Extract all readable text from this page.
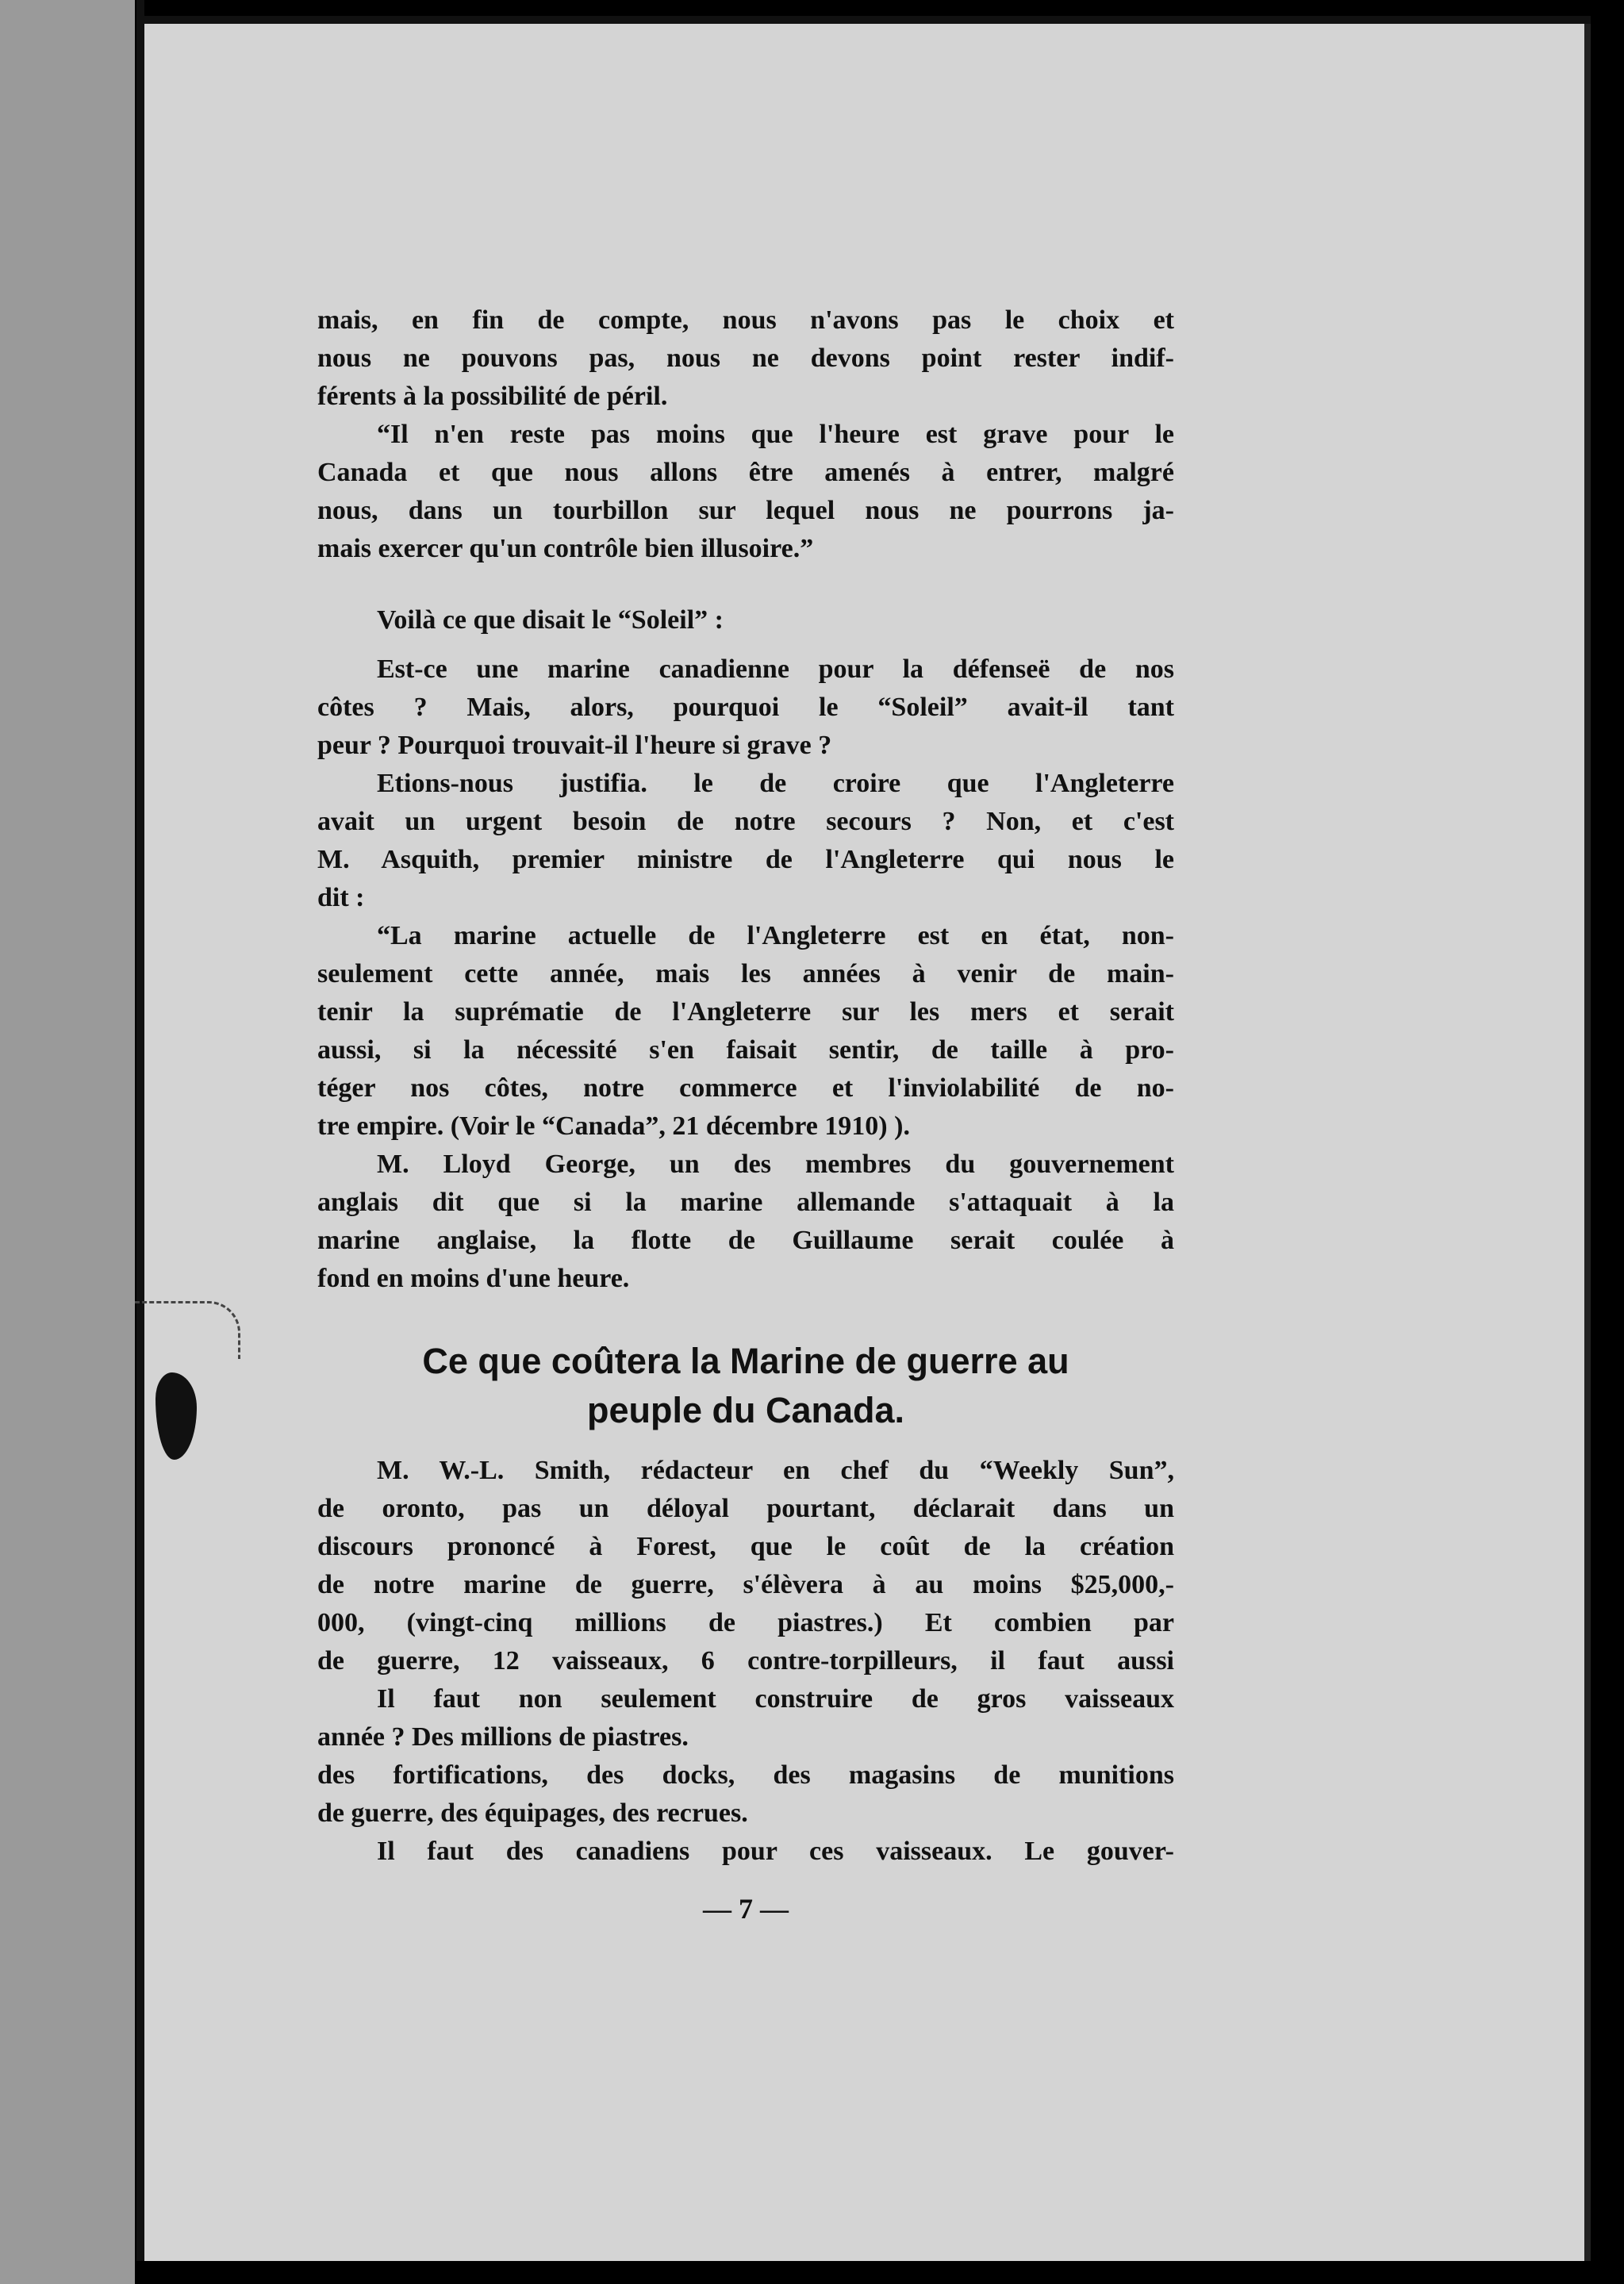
mais, en fin de compte, nous n'avons pas le choix et
nous ne pouvons pas, nous ne devons point rester indif-
férents à la possibilité de péril.
“Il n'en reste pas moins que l'heure est grave pour le
Canada et que nous allons être amenés à entrer, malgré
nous, dans un tourbillon sur lequel nous ne pourrons ja-
mais exercer qu'un contrôle bien illusoire.”
Voilà ce que disait le “Soleil” :
Est-ce une marine canadienne pour la défenseë de nos
côtes ? Mais, alors, pourquoi le “Soleil” avait-il tant
peur ? Pourquoi trouvait-il l'heure si grave ?
Etions-nous justifia. le de croire que l'Angleterre
avait un urgent besoin de notre secours ? Non, et c'est
M. Asquith, premier ministre de l'Angleterre qui nous le
dit :
“La marine actuelle de l'Angleterre est en état, non-
seulement cette année, mais les années à venir de main-
tenir la suprématie de l'Angleterre sur les mers et serait
aussi, si la nécessité s'en faisait sentir, de taille à pro-
téger nos côtes, notre commerce et l'inviolabilité de no-
tre empire. (Voir le “Canada”, 21 décembre 1910) ).
M. Lloyd George, un des membres du gouvernement
anglais dit que si la marine allemande s'attaquait à la
marine anglaise, la flotte de Guillaume serait coulée à
fond en moins d'une heure.
Ce que coûtera la Marine de guerre au
peuple du Canada.
M. W.-L. Smith, rédacteur en chef du “Weekly Sun”,
de oronto, pas un déloyal pourtant, déclarait dans un
discours prononcé à Forest, que le coût de la création
de notre marine de guerre, s'élèvera à au moins $25,000,-
000, (vingt-cinq millions de piastres.) Et combien par
de guerre, 12 vaisseaux, 6 contre-torpilleurs, il faut aussi
Il faut non seulement construire de gros vaisseaux
année ? Des millions de piastres.
des fortifications, des docks, des magasins de munitions
de guerre, des équipages, des recrues.
Il faut des canadiens pour ces vaisseaux. Le gouver-
— 7 —
